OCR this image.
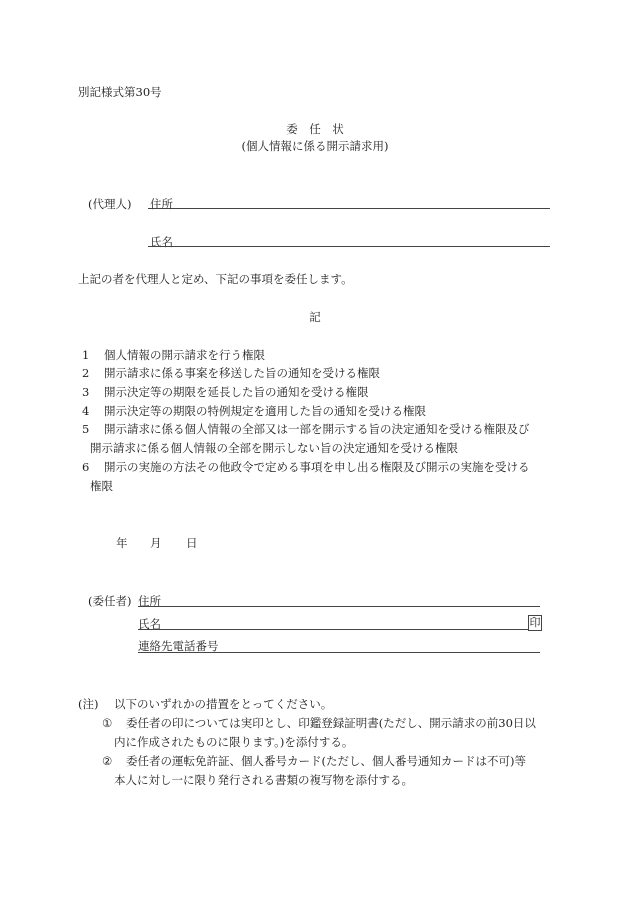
別記様式第30号
委　任　状
(個人情報に係る開示請求用)
(代理人) 住所
氏名
上記の者を代理人と定め、下記の事項を委任します。
記
1 個人情報の開示請求を行う権限
2 開示請求に係る事案を移送した旨の通知を受ける権限
3 開示決定等の期限を延長した旨の通知を受ける権限
4 開示決定等の期限の特例規定を適用した旨の通知を受ける権限
5 開示請求に係る個人情報の全部又は一部を開示する旨の決定通知を受ける権限及び
開示請求に係る個人情報の全部を開示しない旨の決定通知を受ける権限
6 開示の実施の方法その他政令で定める事項を申し出る権限及び開示の実施を受ける
権限
年 月 日
(委任者) 住所
氏名	印
連絡先電話番号
(注) 以下のいずれかの措置をとってください。
① 委任者の印については実印とし、印鑑登録証明書(ただし、開示請求の前30日以
内に作成されたものに限ります。)を添付する。
② 委任者の運転免許証、個人番号カード(ただし、個人番号通知カードは不可)等
本人に対し一に限り発行される書類の複写物を添付する。
